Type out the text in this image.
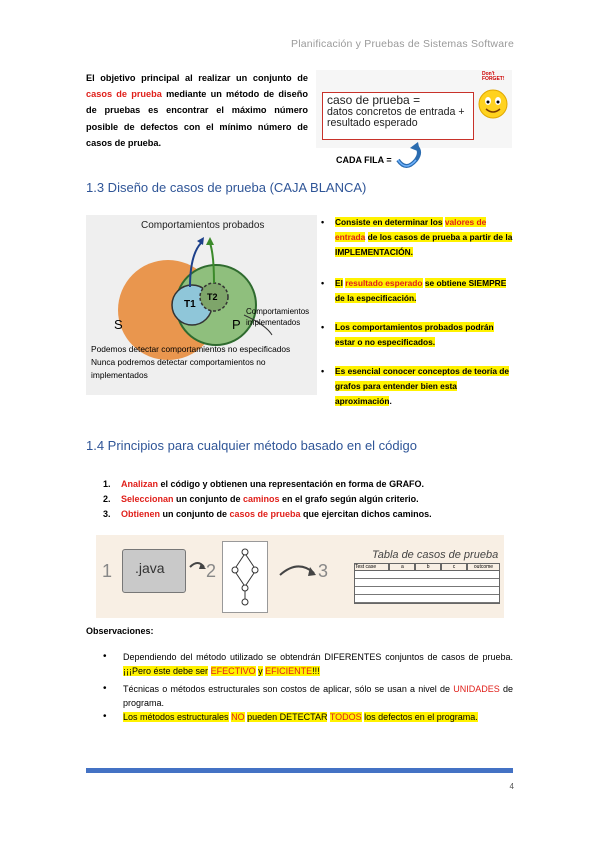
Planificación y Pruebas de Sistemas Software
El objetivo principal al realizar un conjunto de casos de prueba mediante un método de diseño de pruebas es encontrar el máximo número posible de defectos con el mínimo número de casos de prueba.
caso de prueba =
datos concretos de entrada +
resultado esperado
Don't FORGET!
CADA FILA =
1.3 Diseño de casos de prueba (CAJA BLANCA)
Comportamientos probados
S	P
T1
T2
Comportamientos
implementados
Podemos detectar comportamientos no especificados
Nunca podremos detectar comportamientos no
implementados
•	Consiste en determinar los valores de entrada de los casos de prueba a partir de la IMPLEMENTACIÓN.
•	El resultado esperado se obtiene SIEMPRE de la especificación.
•	Los comportamientos probados podrán estar o no especificados.
•	Es esencial conocer conceptos de teoría de grafos para entender bien esta aproximación.
1.4 Principios para cualquier método basado en el código
1. Analizan el código y obtienen una representación en forma de GRAFO.
2. Seleccionan un conjunto de caminos en el grafo según algún criterio.
3. Obtienen un conjunto de casos de prueba que ejercitan dichos caminos.
1 .java 2	3
Tabla de casos de prueba
Test case	a	b	c	outcome
Observaciones:
•	Dependiendo del método utilizado se obtendrán DIFERENTES conjuntos de casos de prueba. ¡¡¡Pero éste debe ser EFECTIVO y EFICIENTE!!!
•	Técnicas o métodos estructurales son costos de aplicar, sólo se usan a nivel de UNIDADES de programa.
•	Los métodos estructurales NO pueden DETECTAR TODOS los defectos en el programa.
4
